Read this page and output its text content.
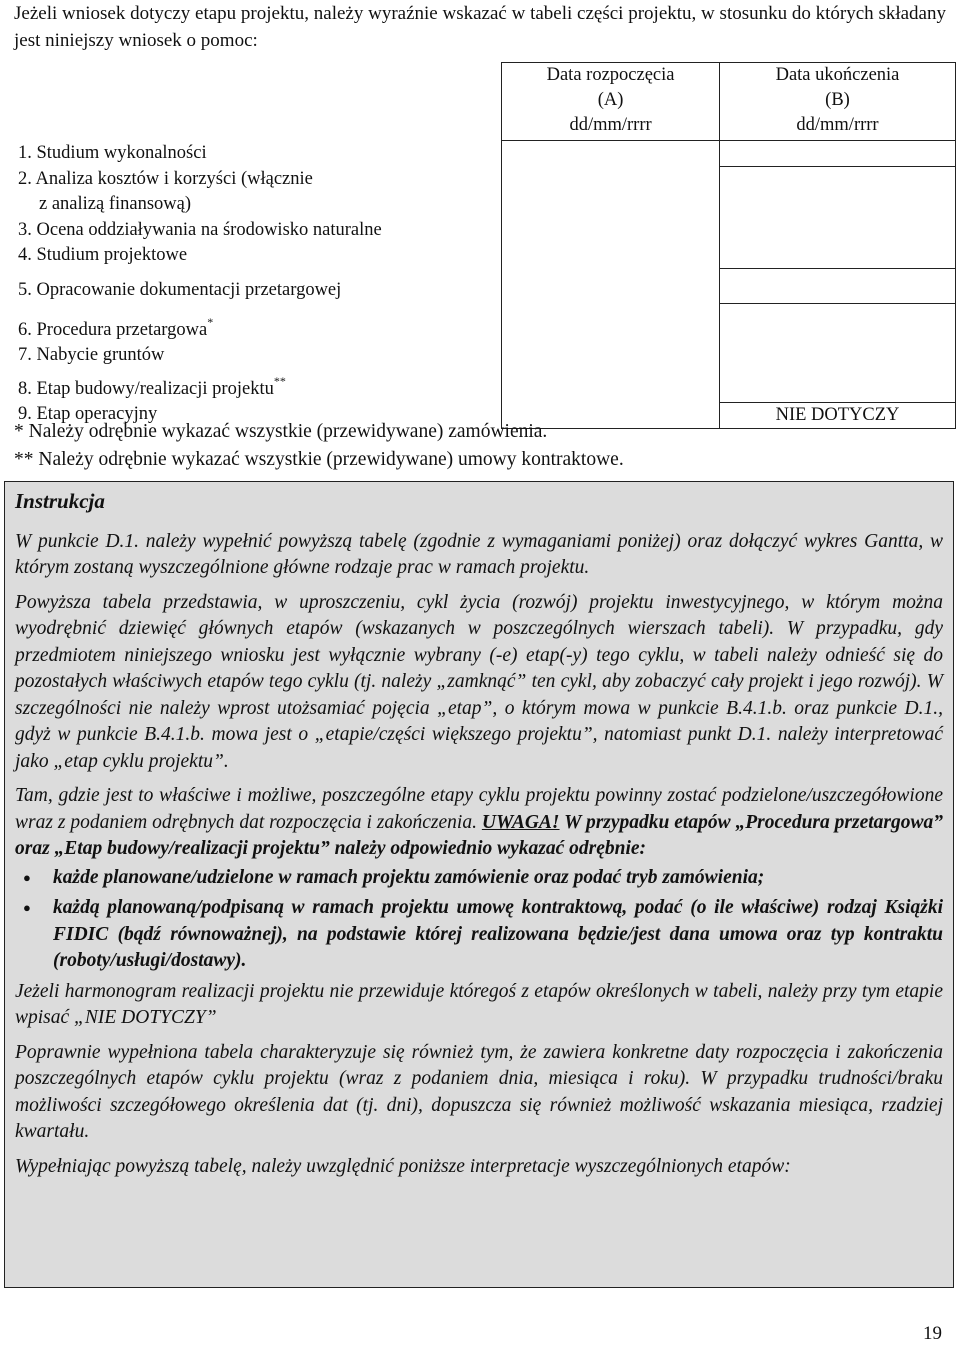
Jeżeli wniosek dotyczy etapu projektu, należy wyraźnie wskazać w tabeli części projektu, w stosunku do których składany jest niniejszy wniosek o pomoc:

	Data rozpoczęcia
(A)
dd/mm/rrrr	Data ukończenia
(B)
dd/mm/rrrr

1. Studium wykonalności		

2. Analiza kosztów i korzyści (włącznie
z analizą finansową)		

3. Ocena oddziaływania na środowisko naturalne		

4. Studium projektowe		

5. Opracowanie dokumentacji przetargowej		

6. Procedura przetargowa*

7. Nabycie gruntów		

8. Etap budowy/realizacji projektu**

9. Etap operacyjny		NIE DOTYCZY
* Należy odrębnie wykazać wszystkie (przewidywane) zamówienia.
** Należy odrębnie wykazać wszystkie (przewidywane) umowy kontraktowe.

Instrukcja

W punkcie D.1. należy wypełnić powyższą tabelę (zgodnie z wymaganiami poniżej) oraz dołączyć wykres Gantta, w którym zostaną wyszczególnione główne rodzaje prac w ramach projektu.

Powyższa tabela przedstawia, w uproszczeniu, cykl życia (rozwój) projektu inwestycyjnego, w którym można wyodrębnić dziewięć głównych etapów (wskazanych w poszczególnych wierszach tabeli). W przypadku, gdy przedmiotem niniejszego wniosku jest wyłącznie wybrany (-e) etap(-y) tego cyklu, w tabeli należy odnieść się do pozostałych właściwych etapów tego cyklu (tj. należy „zamknąć” ten cykl, aby zobaczyć cały projekt i jego rozwój). W szczególności nie należy wprost utożsamiać pojęcia „etap”, o którym mowa w punkcie B.4.1.b. oraz punkcie D.1., gdyż w punkcie B.4.1.b. mowa jest o „etapie/części większego projektu”, natomiast punkt D.1. należy interpretować jako „etap cyklu projektu”.

Tam, gdzie jest to właściwe i możliwe, poszczególne etapy cyklu projektu powinny zostać podzielone/uszczegółowione wraz z podaniem odrębnych dat rozpoczęcia i zakończenia. UWAGA! W przypadku etapów „Procedura przetargowa” oraz „Etap budowy/realizacji projektu” należy odpowiednio wykazać odrębnie:

● każde planowane/udzielone w ramach projektu zamówienie oraz podać tryb zamówienia;
● każdą planowaną/podpisaną w ramach projektu umowę kontraktową, podać (o ile właściwe) rodzaj Książki FIDIC (bądź równoważnej), na podstawie której realizowana będzie/jest dana umowa oraz typ kontraktu (roboty/usługi/dostawy).

Jeżeli harmonogram realizacji projektu nie przewiduje któregoś z etapów określonych w tabeli, należy przy tym etapie wpisać „NIE DOTYCZY”

Poprawnie wypełniona tabela charakteryzuje się również tym, że zawiera konkretne daty rozpoczęcia i zakończenia poszczególnych etapów cyklu projektu (wraz z podaniem dnia, miesiąca i roku). W przypadku trudności/braku możliwości szczegółowego określenia dat (tj. dni), dopuszcza się również możliwość wskazania miesiąca, rzadziej kwartału.

Wypełniając powyższą tabelę, należy uwzględnić poniższe interpretacje wyszczególnionych etapów:

19
